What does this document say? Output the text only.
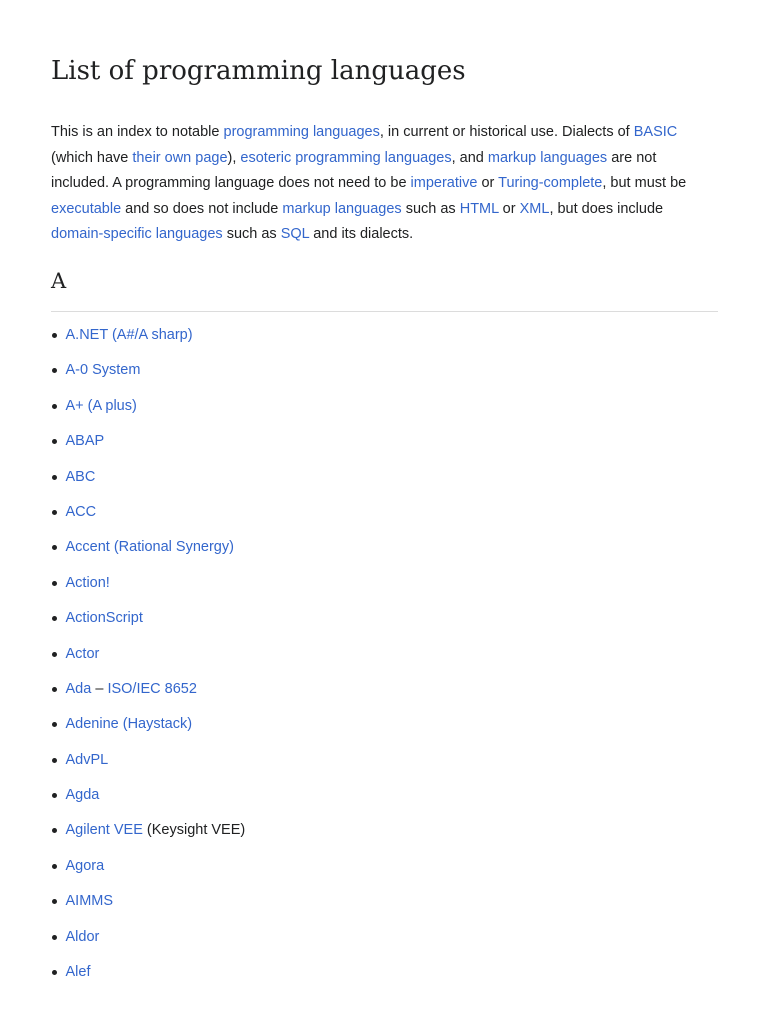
List of programming languages

This is an index to notable programming languages, in current or historical use. Dialects of BASIC (which have their own page), esoteric programming languages, and markup languages are not included. A programming language does not need to be imperative or Turing-complete, but must be executable and so does not include markup languages such as HTML or XML, but does include domain-specific languages such as SQL and its dialects.

A
A.NET (A#/A sharp)
A-0 System
A+ (A plus)
ABAP
ABC
ACC
Accent (Rational Synergy)
Action!
ActionScript
Actor
Ada – ISO/IEC 8652
Adenine (Haystack)
AdvPL
Agda
Agilent VEE (Keysight VEE)
Agora
AIMMS
Aldor
Alef
